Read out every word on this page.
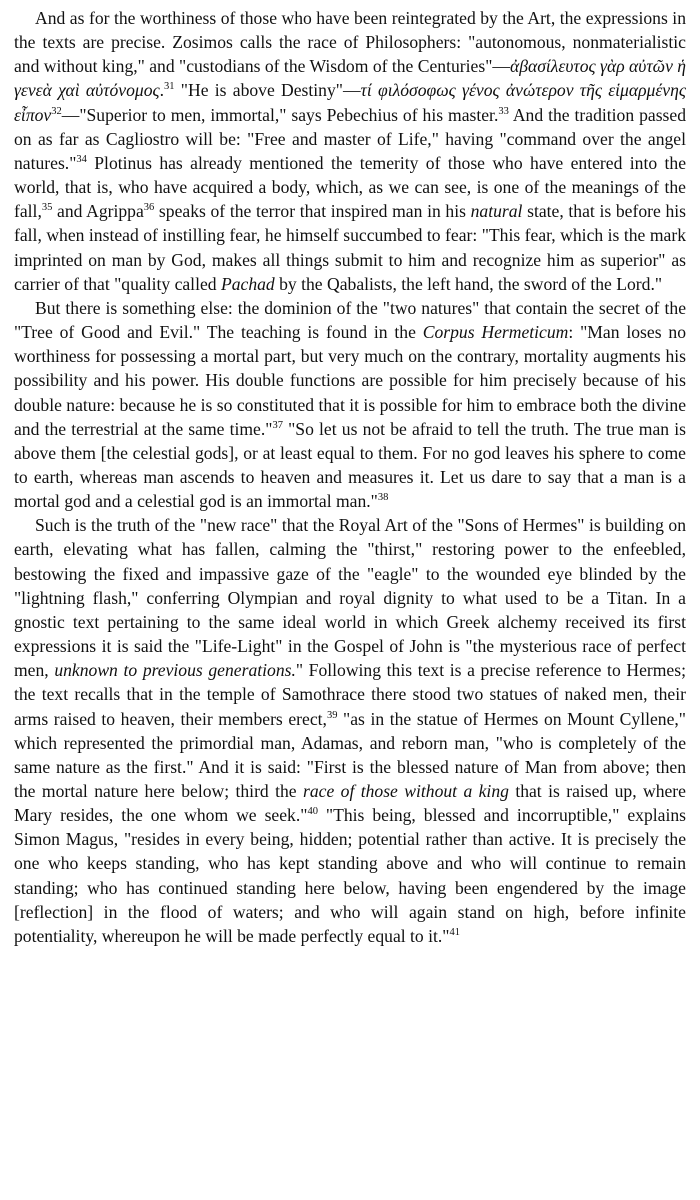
And as for the worthiness of those who have been reintegrated by the Art, the expressions in the texts are precise. Zosimos calls the race of Philosophers: "autonomous, nonmaterialistic and without king," and "custodians of the Wisdom of the Centuries"—ἀβασίλευτος γὰρ αὐτῶν ἡ γενεὰ χαὶ αὐτόνομος.$^{31}$ "He is above Destiny"—τί φιλόσοφως γένος ἀνώτερον τῆς εἱμαρμένης εἶπον$^{32}$—"Superior to men, immortal," says Pebechius of his master.$^{33}$ And the tradition passed on as far as Cagliostro will be: "Free and master of Life," having "command over the angel natures."$^{34}$ Plotinus has already mentioned the temerity of those who have entered into the world, that is, who have acquired a body, which, as we can see, is one of the meanings of the fall,$^{35}$ and Agrippa$^{36}$ speaks of the terror that inspired man in his natural state, that is before his fall, when instead of instilling fear, he himself succumbed to fear: "This fear, which is the mark imprinted on man by God, makes all things submit to him and recognize him as superior" as carrier of that "quality called Pachad by the Qabalists, the left hand, the sword of the Lord."

But there is something else: the dominion of the "two natures" that contain the secret of the "Tree of Good and Evil." The teaching is found in the Corpus Hermeticum: "Man loses no worthiness for possessing a mortal part, but very much on the contrary, mortality augments his possibility and his power. His double functions are possible for him precisely because of his double nature: because he is so constituted that it is possible for him to embrace both the divine and the terrestrial at the same time."$^{37}$ "So let us not be afraid to tell the truth. The true man is above them [the celestial gods], or at least equal to them. For no god leaves his sphere to come to earth, whereas man ascends to heaven and measures it. Let us dare to say that a man is a mortal god and a celestial god is an immortal man."$^{38}$

Such is the truth of the "new race" that the Royal Art of the "Sons of Hermes" is building on earth, elevating what has fallen, calming the "thirst," restoring power to the enfeebled, bestowing the fixed and impassive gaze of the "eagle" to the wounded eye blinded by the "lightning flash," conferring Olympian and royal dignity to what used to be a Titan. In a gnostic text pertaining to the same ideal world in which Greek alchemy received its first expressions it is said the "Life-Light" in the Gospel of John is "the mysterious race of perfect men, unknown to previous generations." Following this text is a precise reference to Hermes; the text recalls that in the temple of Samothrace there stood two statues of naked men, their arms raised to heaven, their members erect,$^{39}$ "as in the statue of Hermes on Mount Cyllene," which represented the primordial man, Adamas, and reborn man, "who is completely of the same nature as the first." And it is said: "First is the blessed nature of Man from above; then the mortal nature here below; third the race of those without a king that is raised up, where Mary resides, the one whom we seek."$^{40}$ "This being, blessed and incorruptible," explains Simon Magus, "resides in every being, hidden; potential rather than active. It is precisely the one who keeps standing, who has kept standing above and who will continue to remain standing; who has continued standing here below, having been engendered by the image [reflection] in the flood of waters; and who will again stand on high, before infinite potentiality, whereupon he will be made perfectly equal to it."$^{41}$
